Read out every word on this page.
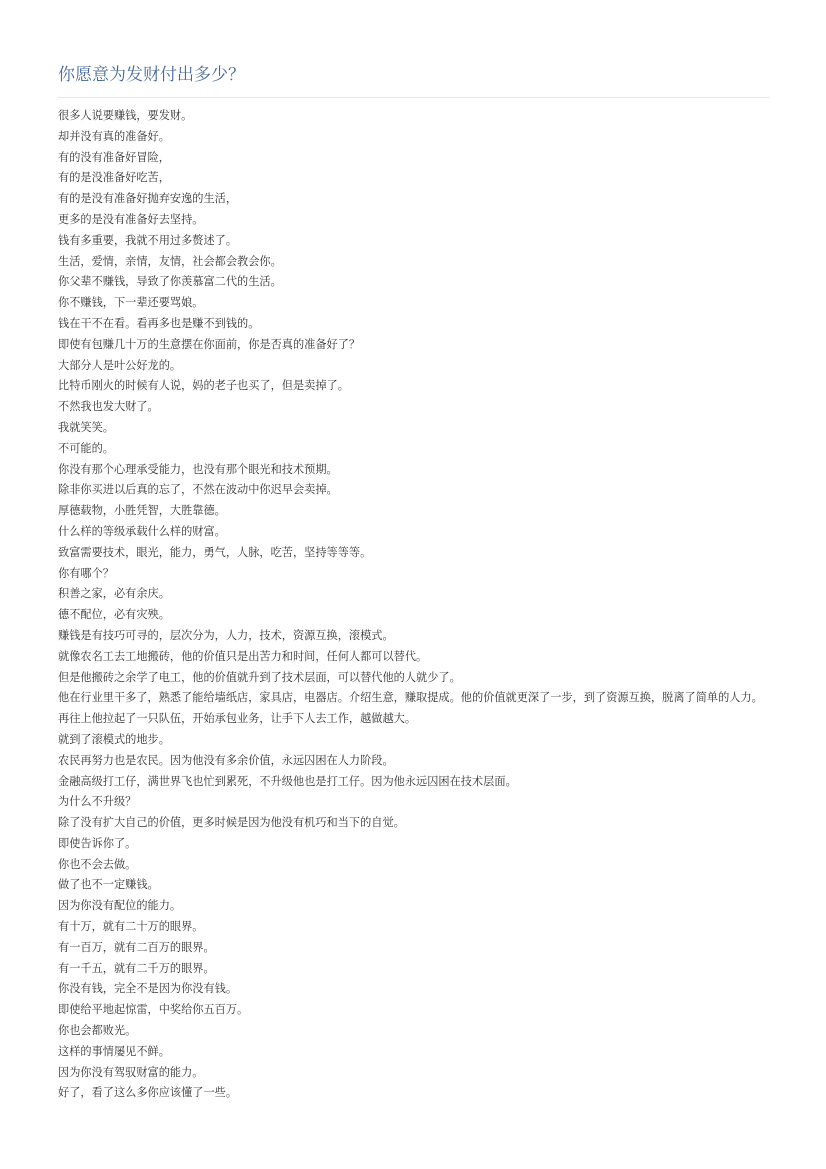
你愿意为发财付出多少？

很多人说要赚钱，要发财。

却并没有真的准备好。

有的没有准备好冒险，

有的是没准备好吃苦，

有的是没有准备好抛弃安逸的生活，

更多的是没有准备好去坚持。

钱有多重要，我就不用过多赘述了。

生活，爱情，亲情，友情，社会都会教会你。

你父辈不赚钱，导致了你羡慕富二代的生活。

你不赚钱，下一辈还要骂娘。

钱在干不在看。看再多也是赚不到钱的。

即使有包赚几十万的生意摆在你面前，你是否真的准备好了？

大部分人是叶公好龙的。

比特币刚火的时候有人说，妈的老子也买了，但是卖掉了。

不然我也发大财了。

我就笑笑。

不可能的。

你没有那个心理承受能力，也没有那个眼光和技术预期。

除非你买进以后真的忘了，不然在波动中你迟早会卖掉。

厚德载物，小胜凭智，大胜靠德。

什么样的等级承载什么样的财富。

致富需要技术，眼光，能力，勇气，人脉，吃苦，坚持等等等。

你有哪个？

积善之家，必有余庆。

德不配位，必有灾殃。

赚钱是有技巧可寻的，层次分为，人力，技术，资源互换，滚模式。

就像农名工去工地搬砖，他的价值只是出苦力和时间，任何人都可以替代。

但是他搬砖之余学了电工，他的价值就升到了技术层面，可以替代他的人就少了。

他在行业里干多了，熟悉了能给墙纸店，家具店，电器店。介绍生意，赚取提成。他的价值就更深了一步，到了资源互换，脱离了简单的人力。

再往上他拉起了一只队伍，开始承包业务，让手下人去工作，越做越大。

就到了滚模式的地步。

农民再努力也是农民。因为他没有多余价值，永远囚困在人力阶段。

金融高级打工仔，满世界飞也忙到累死，不升级他也是打工仔。因为他永远囚困在技术层面。

为什么不升级？

除了没有扩大自己的价值，更多时候是因为他没有机巧和当下的自觉。

即使告诉你了。

你也不会去做。

做了也不一定赚钱。

因为你没有配位的能力。

有十万，就有二十万的眼界。

有一百万，就有二百万的眼界。

有一千五，就有二千万的眼界。

你没有钱，完全不是因为你没有钱。

即使给平地起惊雷，中奖给你五百万。

你也会都败光。

这样的事情屡见不鲜。

因为你没有驾驭财富的能力。

好了，看了这么多你应该懂了一些。
